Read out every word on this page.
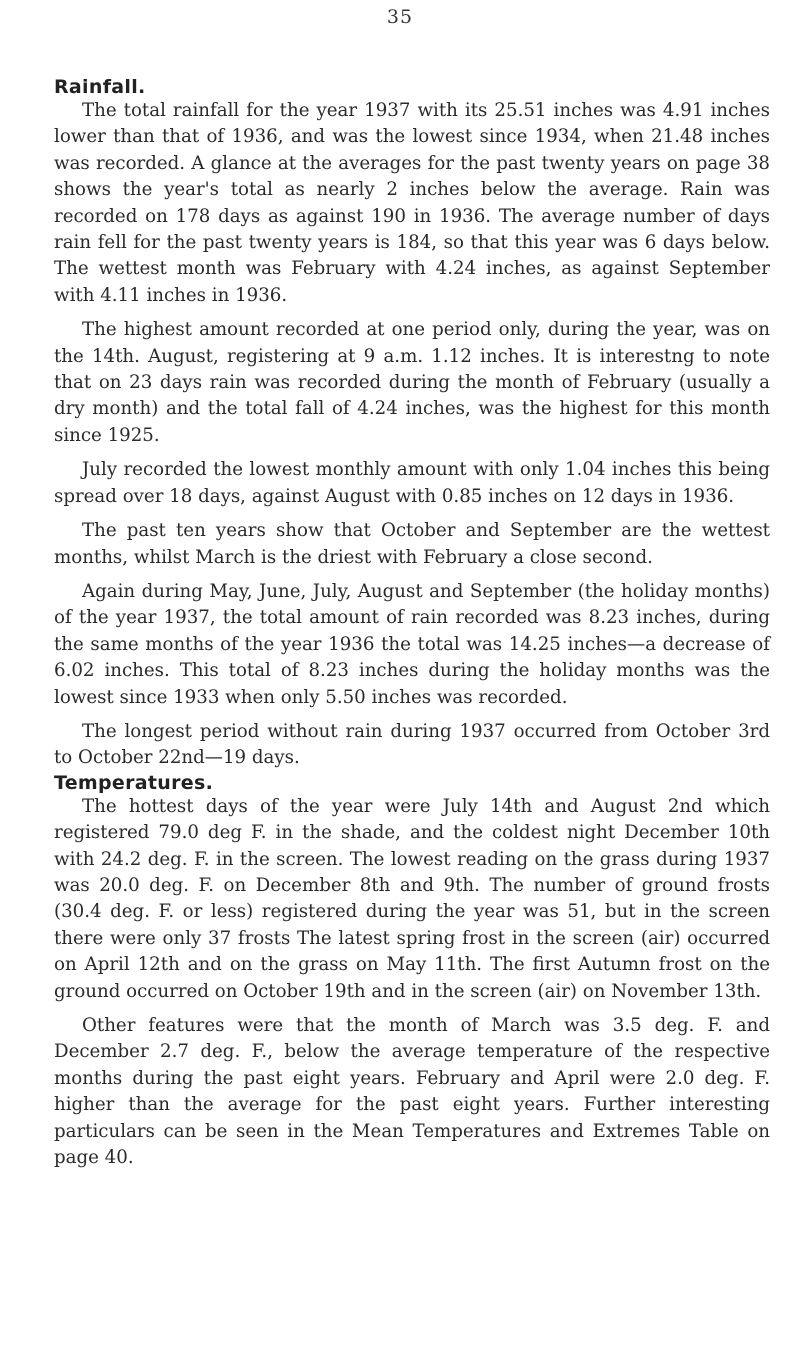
35
Rainfall.

The total rainfall for the year 1937 with its 25.51 inches was 4.91 inches lower than that of 1936, and was the lowest since 1934, when 21.48 inches was recorded. A glance at the averages for the past twenty years on page 38 shows the year's total as nearly 2 inches below the average. Rain was recorded on 178 days as against 190 in 1936. The average number of days rain fell for the past twenty years is 184, so that this year was 6 days below. The wettest month was February with 4.24 inches, as against September with 4.11 inches in 1936.

The highest amount recorded at one period only, during the year, was on the 14th. August, registering at 9 a.m. 1.12 inches. It is interestng to note that on 23 days rain was recorded during the month of February (usually a dry month) and the total fall of 4.24 inches, was the highest for this month since 1925.

July recorded the lowest monthly amount with only 1.04 inches this being spread over 18 days, against August with 0.85 inches on 12 days in 1936.

The past ten years show that October and September are the wettest months, whilst March is the driest with February a close second.

Again during May, June, July, August and September (the holiday months) of the year 1937, the total amount of rain recorded was 8.23 inches, during the same months of the year 1936 the total was 14.25 inches—a decrease of 6.02 inches. This total of 8.23 inches during the holiday months was the lowest since 1933 when only 5.50 inches was recorded.

The longest period without rain during 1937 occurred from October 3rd to October 22nd—19 days.

Temperatures.

The hottest days of the year were July 14th and August 2nd which registered 79.0 deg F. in the shade, and the coldest night December 10th with 24.2 deg. F. in the screen. The lowest reading on the grass during 1937 was 20.0 deg. F. on December 8th and 9th. The number of ground frosts (30.4 deg. F. or less) registered during the year was 51, but in the screen there were only 37 frosts The latest spring frost in the screen (air) occurred on April 12th and on the grass on May 11th. The first Autumn frost on the ground occurred on October 19th and in the screen (air) on November 13th.

Other features were that the month of March was 3.5 deg. F. and December 2.7 deg. F., below the average temperature of the respective months during the past eight years. February and April were 2.0 deg. F. higher than the average for the past eight years. Further interesting particulars can be seen in the Mean Temperatures and Extremes Table on page 40.
